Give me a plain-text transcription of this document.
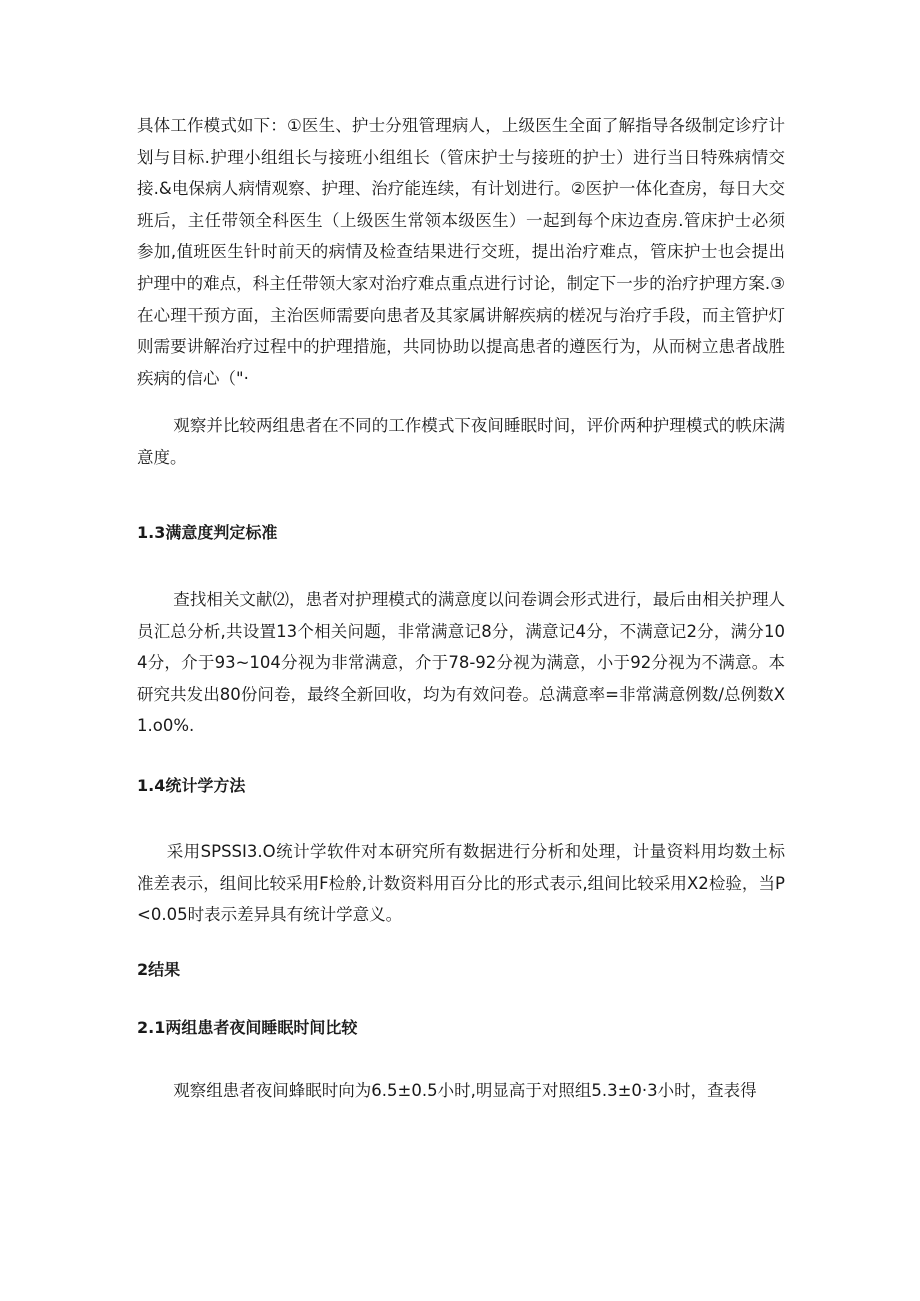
具体工作模式如下：①医生、护士分殂管理病人，上级医生全面了解指导各级制定诊疗计划与目标.护理小组组长与接班小组组长（管床护士与接班的护士）进行当日特殊病情交接.&电保病人病情观察、护理、治疗能连续，有计划进行。②医护一体化查房，每日大交班后，主任带领全科医生（上级医生常领本级医生）一起到每个床边查房.管床护士必须参加,值班医生针时前天的病情及检查结果进行交班，提出治疗难点，管床护士也会提出护理中的难点，科主任带领大家对治疗难点重点进行讨论，制定下一步的治疗护理方案.③在心理干预方面，主治医师需要向患者及其家属讲解疾病的槎况与治疗手段，而主管护灯则需要讲解治疗过程中的护理措施，共同协助以提高患者的遵医行为，从而树立患者战胜疾病的信心（"·

观察并比较两组患者在不同的工作模式下夜间睡眠时间，评价两种护理模式的帙床满意度。

1.3满意度判定标准

查找相关文献⑵，患者对护理模式的满意度以问卷调会形式进行，最后由相关护理人员汇总分析,共设置13个相关问题，非常满意记8分，满意记4分，不满意记2分，满分104分，介于93~104分视为非常满意，介于78-92分视为满意，小于92分视为不满意。本研究共发出80份问卷，最终全新回收，均为有效问卷。总满意率=非常满意例数/总例数X1.o0%.

1.4统计学方法

采用SPSSI3.O统计学软件对本研究所有数据进行分析和处理，计量资料用均数土标准差表示，组间比较采用F检舲,计数资料用百分比的形式表示,组间比较采用X2检验，当P<0.05时表示差异具有统计学意义。

2结果
2.1两组患者夜间睡眠时间比较

观察组患者夜间蜂眠时向为6.5±0.5小时,明显高于对照组5.3±0·3小时，查表得
